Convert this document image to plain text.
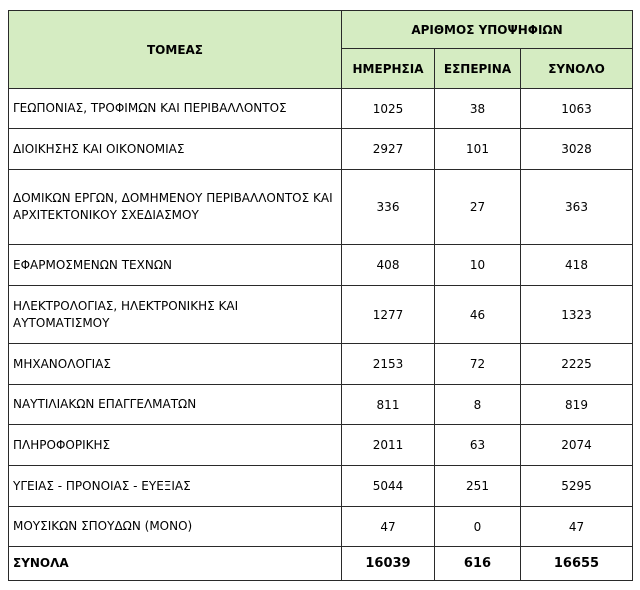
ΤΟΜΕΑΣ	ΑΡΙΘΜΟΣ ΥΠΟΨΗΦΙΩΝ		
	ΗΜΕΡΗΣΙΑ	ΕΣΠΕΡΙΝΑ	ΣΥΝΟΛΟ
ΓΕΩΠΟΝΙΑΣ, ΤΡΟΦΙΜΩΝ ΚΑΙ ΠΕΡΙΒΑΛΛΟΝΤΟΣ	1025	38	1063
ΔΙΟΙΚΗΣΗΣ ΚΑΙ ΟΙΚΟΝΟΜΙΑΣ	2927	101	3028
ΔΟΜΙΚΩΝ ΕΡΓΩΝ, ΔΟΜΗΜΕΝΟΥ ΠΕΡΙΒΑΛΛΟΝΤΟΣ ΚΑΙ ΑΡΧΙΤΕΚΤΟΝΙΚΟΥ ΣΧΕΔΙΑΣΜΟΥ	336	27	363
ΕΦΑΡΜΟΣΜΕΝΩΝ ΤΕΧΝΩΝ	408	10	418
ΗΛΕΚΤΡΟΛΟΓΙΑΣ, ΗΛΕΚΤΡΟΝΙΚΗΣ ΚΑΙ ΑΥΤΟΜΑΤΙΣΜΟΥ	1277	46	1323
ΜΗΧΑΝΟΛΟΓΙΑΣ	2153	72	2225
ΝΑΥΤΙΛΙΑΚΩΝ ΕΠΑΓΓΕΛΜΑΤΩΝ	811	8	819
ΠΛΗΡΟΦΟΡΙΚΗΣ	2011	63	2074
ΥΓΕΙΑΣ - ΠΡΟΝΟΙΑΣ - ΕΥΕΞΙΑΣ	5044	251	5295
ΜΟΥΣΙΚΩΝ ΣΠΟΥΔΩΝ (ΜΟΝΟ)	47	0	47
ΣΥΝΟΛΑ	16039	616	16655
